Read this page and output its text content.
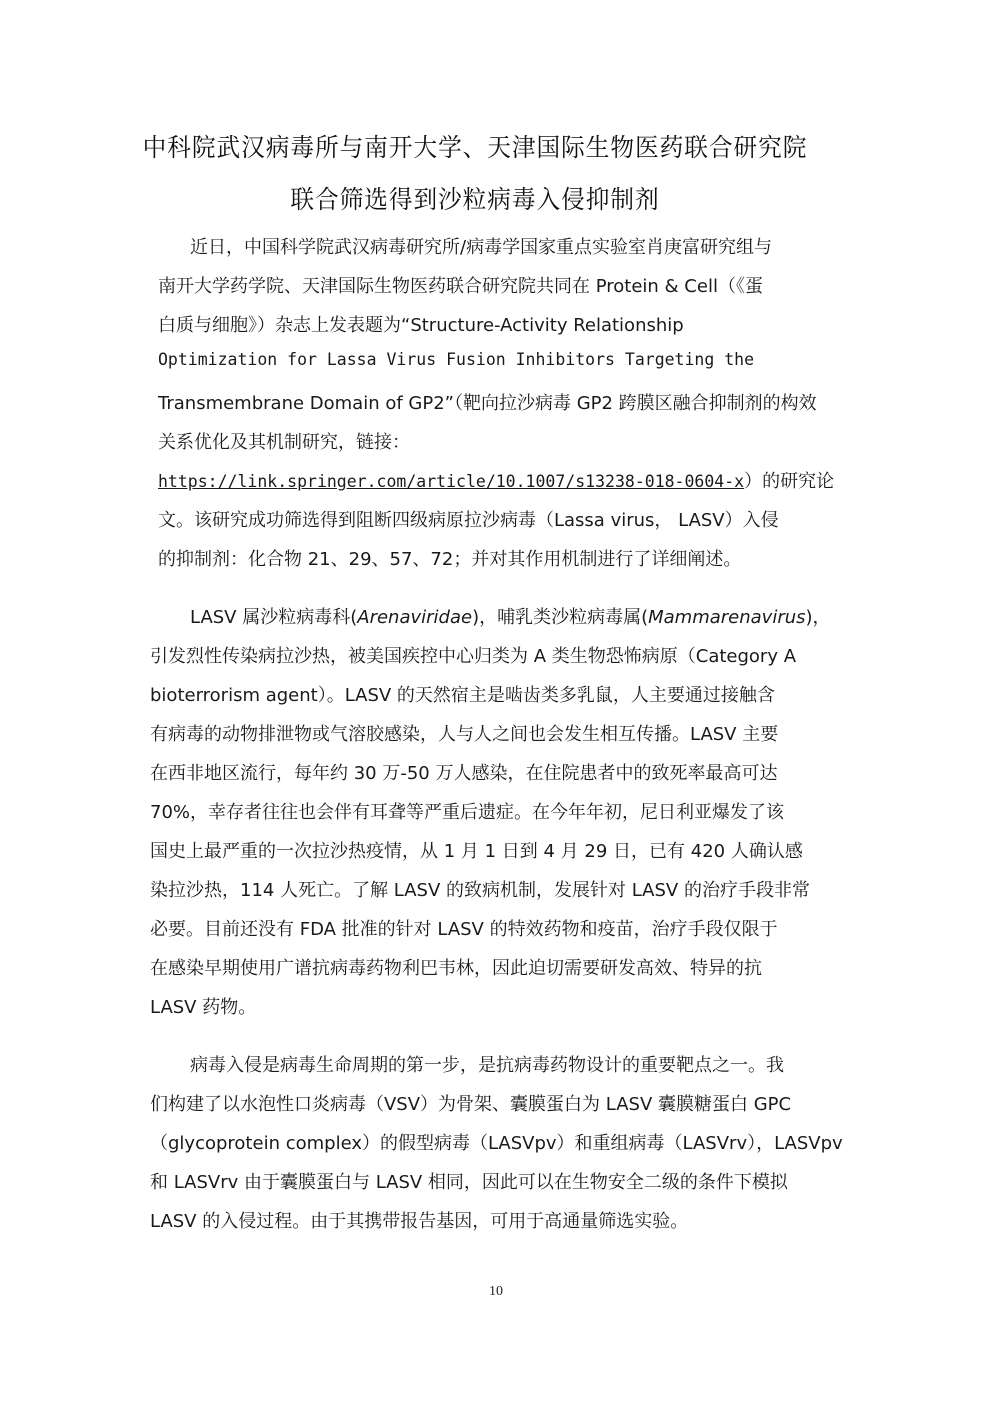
中科院武汉病毒所与南开大学、天津国际生物医药联合研究院
联合筛选得到沙粒病毒入侵抑制剂
近日，中国科学院武汉病毒研究所/病毒学国家重点实验室肖庚富研究组与
南开大学药学院、天津国际生物医药联合研究院共同在 Protein & Cell（《蛋
白质与细胞》）杂志上发表题为“Structure-Activity Relationship
Optimization for Lassa Virus Fusion Inhibitors Targeting the
Transmembrane Domain of GP2”（靶向拉沙病毒 GP2 跨膜区融合抑制剂的构效
关系优化及其机制研究，链接：
https://link.springer.com/article/10.1007/s13238-018-0604-x）的研究论
文。该研究成功筛选得到阻断四级病原拉沙病毒（Lassa virus， LASV）入侵
的抑制剂：化合物 21、29、57、72；并对其作用机制进行了详细阐述。
LASV 属沙粒病毒科(Arenaviridae)，哺乳类沙粒病毒属(Mammarenavirus)，
引发烈性传染病拉沙热，被美国疾控中心归类为 A 类生物恐怖病原（Category A
bioterrorism agent）。LASV 的天然宿主是啮齿类多乳鼠，人主要通过接触含
有病毒的动物排泄物或气溶胶感染，人与人之间也会发生相互传播。LASV 主要
在西非地区流行，每年约 30 万-50 万人感染，在住院患者中的致死率最高可达
70%，幸存者往往也会伴有耳聋等严重后遗症。在今年年初，尼日利亚爆发了该
国史上最严重的一次拉沙热疫情，从 1 月 1 日到 4 月 29 日，已有 420 人确认感
染拉沙热，114 人死亡。了解 LASV 的致病机制，发展针对 LASV 的治疗手段非常
必要。目前还没有 FDA 批准的针对 LASV 的特效药物和疫苗，治疗手段仅限于
在感染早期使用广谱抗病毒药物利巴韦林，因此迫切需要研发高效、特异的抗
LASV 药物。
病毒入侵是病毒生命周期的第一步，是抗病毒药物设计的重要靶点之一。我
们构建了以水泡性口炎病毒（VSV）为骨架、囊膜蛋白为 LASV 囊膜糖蛋白 GPC
（glycoprotein complex）的假型病毒（LASVpv）和重组病毒（LASVrv），LASVpv
和 LASVrv 由于囊膜蛋白与 LASV 相同，因此可以在生物安全二级的条件下模拟
LASV 的入侵过程。由于其携带报告基因，可用于高通量筛选实验。
10
